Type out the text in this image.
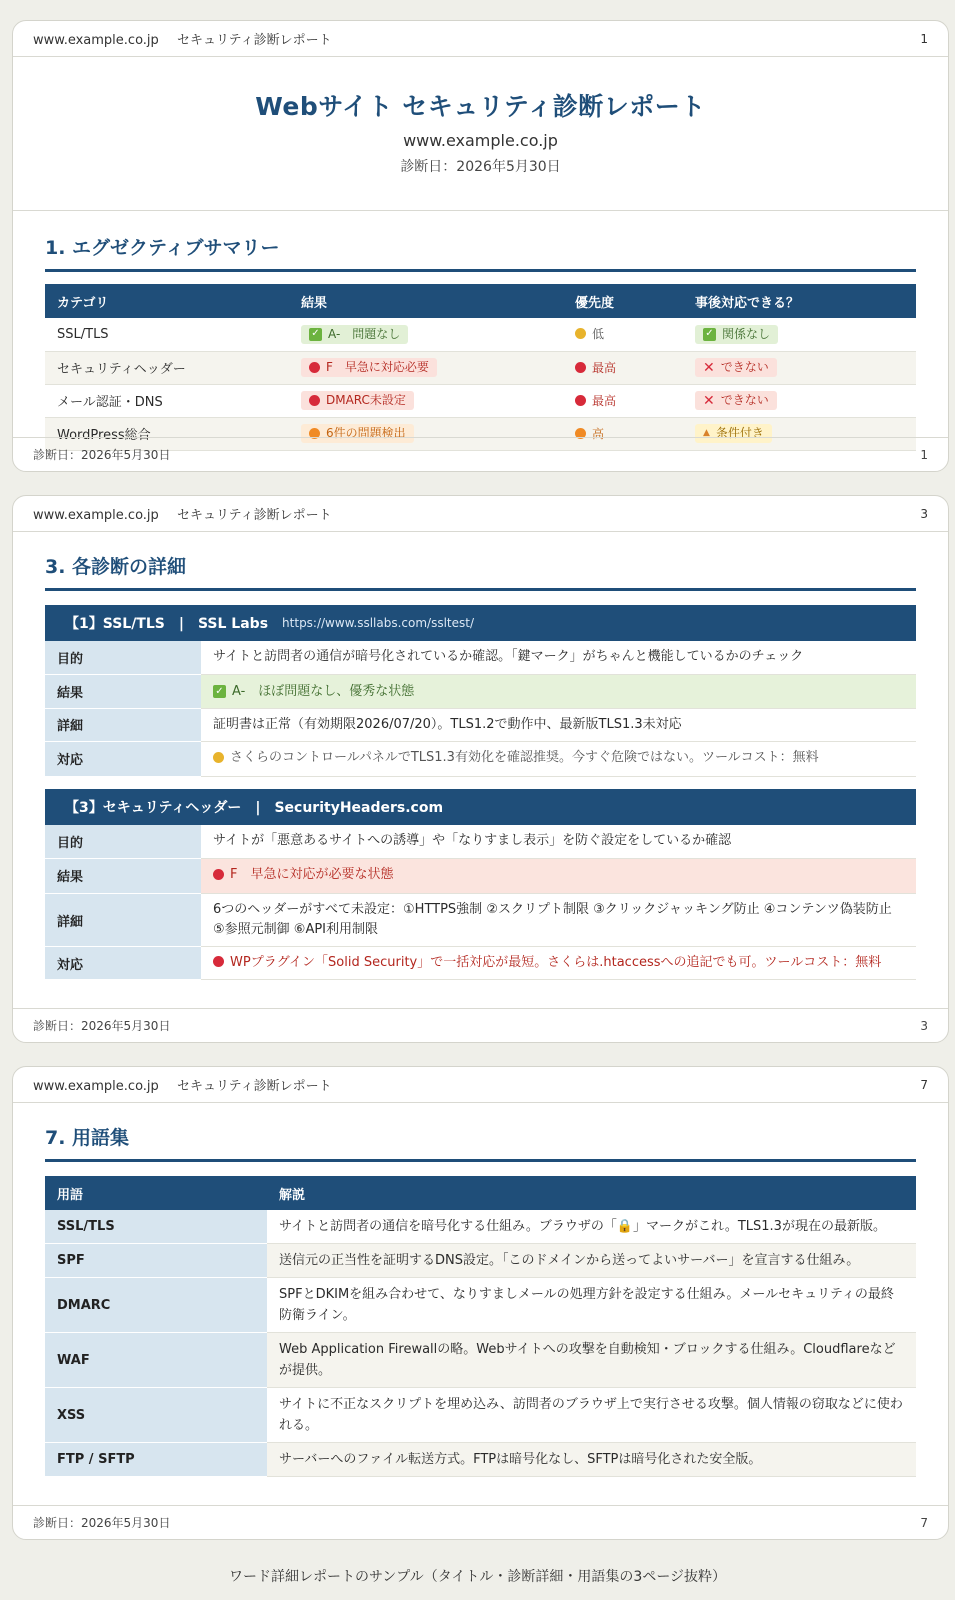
www.example.co.jp セキュリティ診断レポート	1
Webサイト セキュリティ診断レポート
www.example.co.jp
診断日：2026年5月30日
1. エグゼクティブサマリー
カテゴリ	結果	優先度	事後対応できる？
SSL/TLS	✓ A-　問題なし	低	✓ 関係なし

セキュリティヘッダー	F　早急に対応必要	最高	✕ できない

メール認証・DNS	DMARC未設定	最高	✕ できない

WordPress総合	6件の問題検出	高	▲ 条件付き
診断日：2026年5月30日	1
www.example.co.jp セキュリティ診断レポート	3
3. 各診断の詳細
【1】SSL/TLS　|　SSL Labs https://www.ssllabs.com/ssltest/
目的	サイトと訪問者の通信が暗号化されているか確認。「鍵マーク」がちゃんと機能しているかのチェック
結果	✓ A-　ほぼ問題なし、優秀な状態

詳細	証明書は正常（有効期限2026/07/20）。TLS1.2で動作中、最新版TLS1.3未対応
対応	さくらのコントロールパネルでTLS1.3有効化を確認推奨。今すぐ危険ではない。ツールコスト：無料
【3】セキュリティヘッダー　|　SecurityHeaders.com
目的	サイトが「悪意あるサイトへの誘導」や「なりすまし表示」を防ぐ設定をしているか確認
結果	F　早急に対応が必要な状態

詳細	6つのヘッダーがすべて未設定：①HTTPS強制 ②スクリプト制限 ③クリックジャッキング防止 ④コンテンツ偽装防止 ⑤参照元制御 ⑥API利用制限
対応	WPプラグイン「Solid Security」で一括対応が最短。さくらは.htaccessへの追記でも可。ツールコスト：無料
診断日：2026年5月30日	3
www.example.co.jp セキュリティ診断レポート	7
7. 用語集
用語	解説
SSL/TLS	サイトと訪問者の通信を暗号化する仕組み。ブラウザの「🔒」マークがこれ。TLS1.3が現在の最新版。
SPF	送信元の正当性を証明するDNS設定。「このドメインから送ってよいサーバー」を宣言する仕組み。
DMARC	SPFとDKIMを組み合わせて、なりすましメールの処理方針を設定する仕組み。メールセキュリティの最終防衛ライン。
WAF	Web Application Firewallの略。Webサイトへの攻撃を自動検知・ブロックする仕組み。Cloudflareなどが提供。
XSS	サイトに不正なスクリプトを埋め込み、訪問者のブラウザ上で実行させる攻撃。個人情報の窃取などに使われる。
FTP / SFTP	サーバーへのファイル転送方式。FTPは暗号化なし、SFTPは暗号化された安全版。
診断日：2026年5月30日	7
ワード詳細レポートのサンプル（タイトル・診断詳細・用語集の3ページ抜粋）
